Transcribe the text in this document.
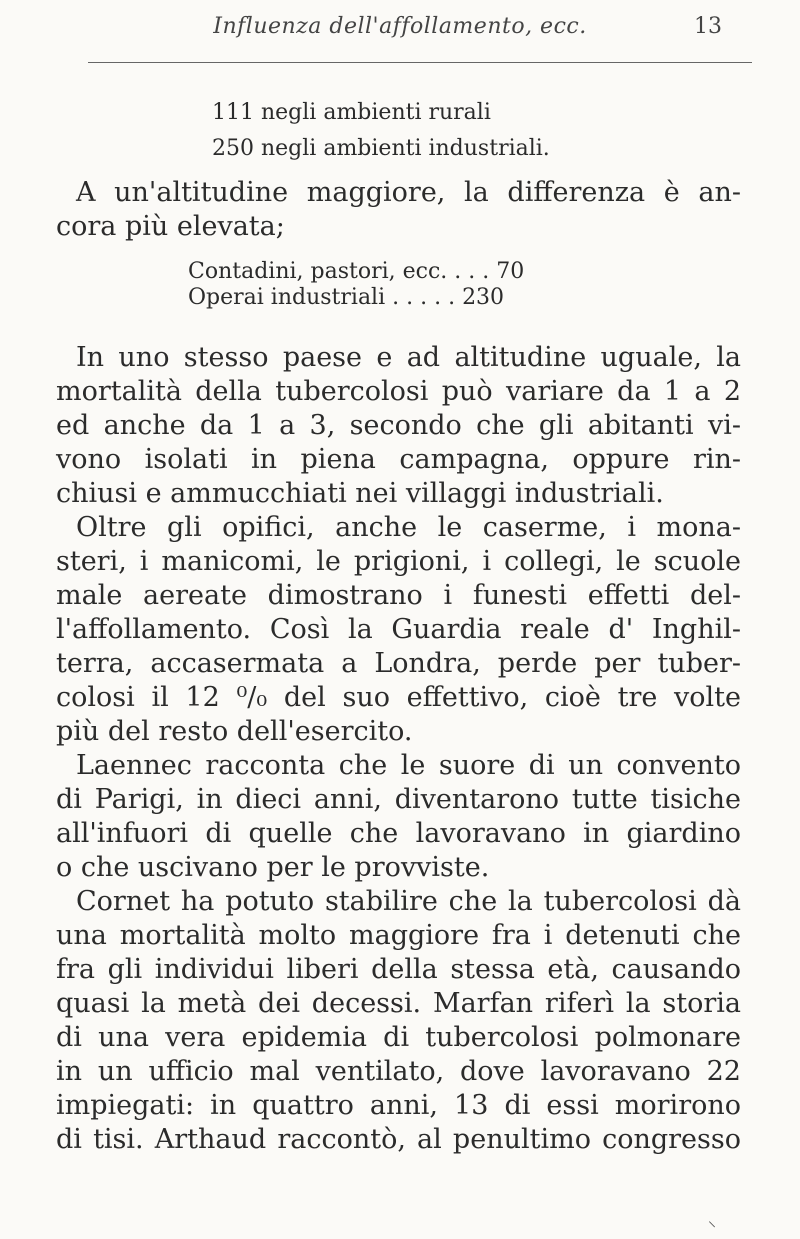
Influenza dell'affollamento, ecc.	13
111 negli ambienti rurali
250 negli ambienti industriali.
A un'altitudine maggiore, la differenza è an-
cora più elevata;
Contadini, pastori, ecc. . . . 70
Operai industriali . . . . . 230
In uno stesso paese e ad altitudine uguale, la
mortalità della tubercolosi può variare da 1 a 2
ed anche da 1 a 3, secondo che gli abitanti vi-
vono isolati in piena campagna, oppure rin-
chiusi e ammucchiati nei villaggi industriali.
Oltre gli opifici, anche le caserme, i mona-
steri, i manicomi, le prigioni, i collegi, le scuole
male aereate dimostrano i funesti effetti del-
l'affollamento. Così la Guardia reale d' Inghil-
terra, accasermata a Londra, perde per tuber-
colosi il 12 ⁰/₀ del suo effettivo, cioè tre volte
più del resto dell'esercito.
Laennec racconta che le suore di un convento
di Parigi, in dieci anni, diventarono tutte tisiche
all'infuori di quelle che lavoravano in giardino
o che uscivano per le provviste.
Cornet ha potuto stabilire che la tubercolosi dà
una mortalità molto maggiore fra i detenuti che
fra gli individui liberi della stessa età, causando
quasi la metà dei decessi. Marfan riferì la storia
di una vera epidemia di tubercolosi polmonare
in un ufficio mal ventilato, dove lavoravano 22
impiegati: in quattro anni, 13 di essi morirono
di tisi. Arthaud raccontò, al penultimo congresso
⸜
